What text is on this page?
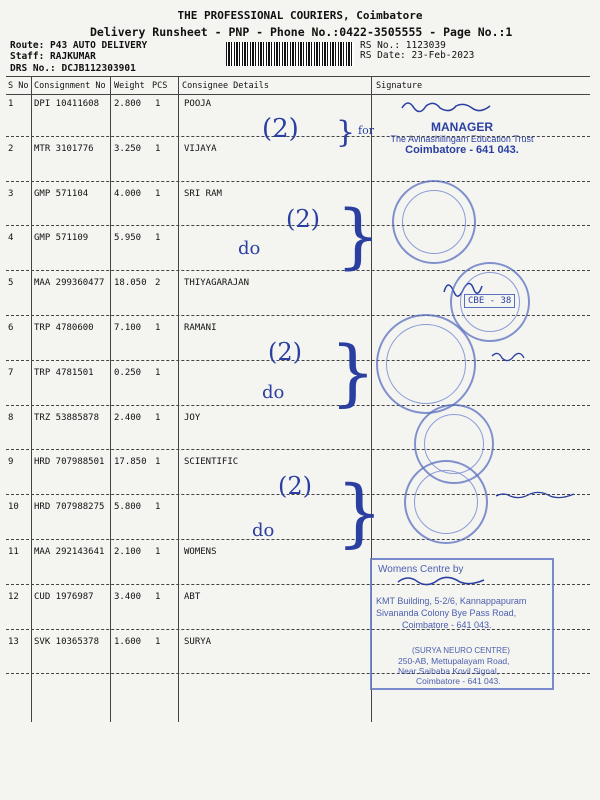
THE PROFESSIONAL COURIERS, Coimbatore
Delivery Runsheet - PNP - Phone No.:0422-3505555 - Page No.:1
Route: P43 AUTO DELIVERY
Staff: RAJKUMAR
DRS No.: DCJB112303901
RS No.: 1123039
RS Date: 23-Feb-2023
S No Consignment No Weight PCS Consignee Details	Signature
1 DPI 10411608 2.800 1	POOJA
2 MTR 3101776 3.250 1	VIJAYA
3 GMP 571104	4.000 1	SRI RAM
4 GMP 571109	5.950 1
5 MAA 299360477 18.050 2	THIYAGARAJAN
6 TRP 4780600 7.100 1	RAMANI
7 TRP 4781501 0.250 1
8 TRZ 53885878 2.400 1	JOY
9 HRD 707988501 17.850 1	SCIENTIFIC
10 HRD 707988275 5.800 1
11 MAA 292143641 2.100 1	WOMENS
12 CUD 1976987 3.400 1	ABT
13 SVK 10365378 1.600 1	SURYA
(2) } for
(2) }
do
(2) }
do
(2) }
do
MANAGER
The Avinashilingam Education Trust
Coimbatore - 641 043.
CBE - 38
Womens Centre by
KMT Building, 5-2/6, Kannappapuram
Sivananda Colony Bye Pass Road,
Coimbatore - 641 043.
(SURYA NEURO CENTRE)
250-AB, Mettupalayam Road,
Near Saibaba Kovil Signal,
Coimbatore - 641 043.
